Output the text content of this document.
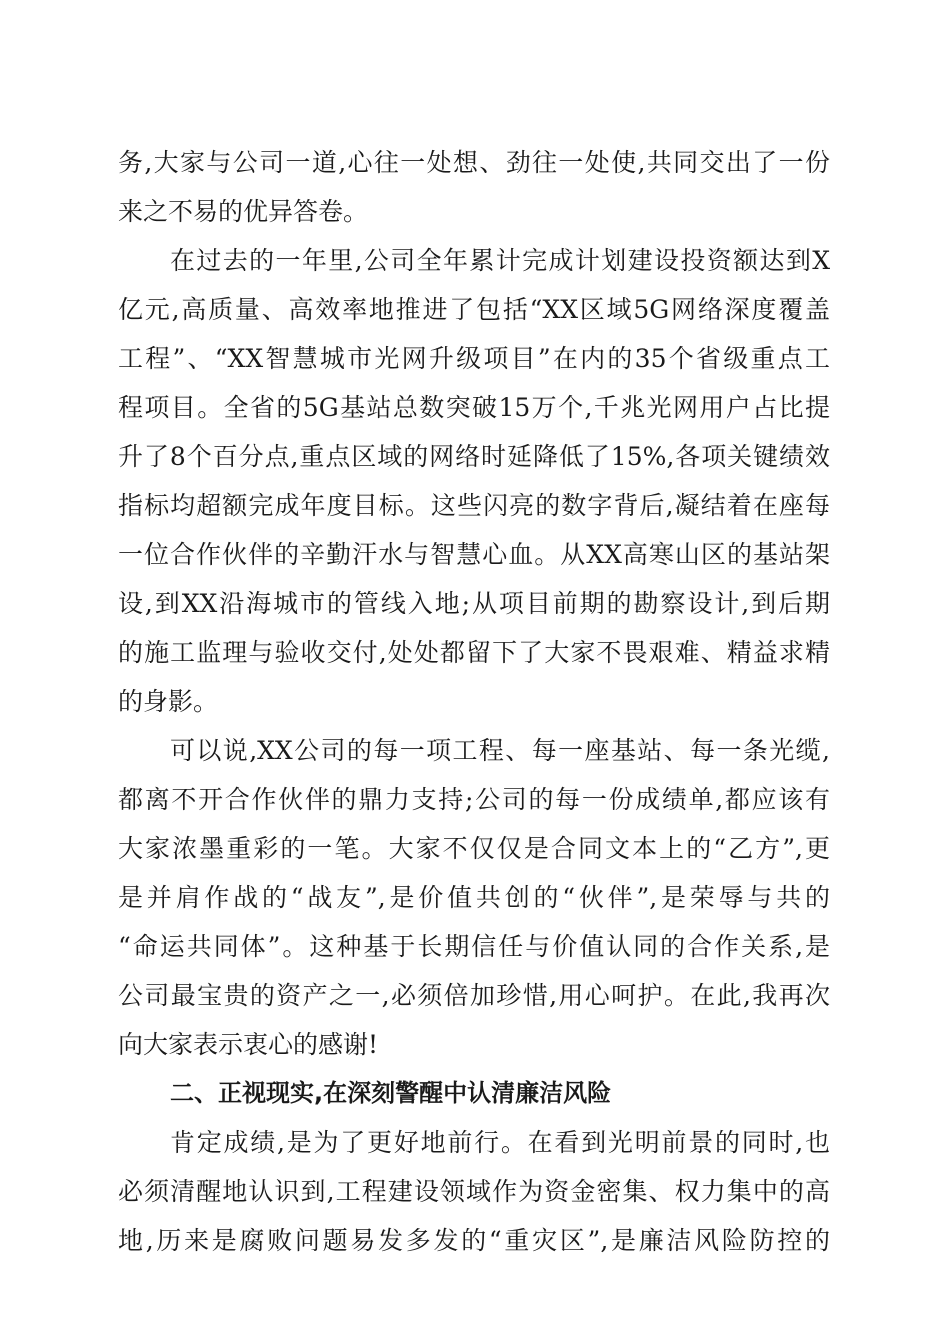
务,大家与公司一道,心往一处想、劲往一处使,共同交出了一份
来之不易的优异答卷。
在过去的一年里,公司全年累计完成计划建设投资额达到X
亿元,高质量、高效率地推进了包括“XX区域5G网络深度覆盖
工程”、“XX智慧城市光网升级项目”在内的35个省级重点工
程项目。全省的5G基站总数突破15万个,千兆光网用户占比提
升了8个百分点,重点区域的网络时延降低了15%,各项关键绩效
指标均超额完成年度目标。这些闪亮的数字背后,凝结着在座每
一位合作伙伴的辛勤汗水与智慧心血。从XX高寒山区的基站架
设,到XX沿海城市的管线入地;从项目前期的勘察设计,到后期
的施工监理与验收交付,处处都留下了大家不畏艰难、精益求精
的身影。
可以说,XX公司的每一项工程、每一座基站、每一条光缆,
都离不开合作伙伴的鼎力支持;公司的每一份成绩单,都应该有
大家浓墨重彩的一笔。大家不仅仅是合同文本上的“乙方”,更
是并肩作战的“战友”,是价值共创的“伙伴”,是荣辱与共的
“命运共同体”。这种基于长期信任与价值认同的合作关系,是
公司最宝贵的资产之一,必须倍加珍惜,用心呵护。在此,我再次
向大家表示衷心的感谢!
二、正视现实,在深刻警醒中认清廉洁风险
肯定成绩,是为了更好地前行。在看到光明前景的同时,也
必须清醒地认识到,工程建设领域作为资金密集、权力集中的高
地,历来是腐败问题易发多发的“重灾区”,是廉洁风险防控的
